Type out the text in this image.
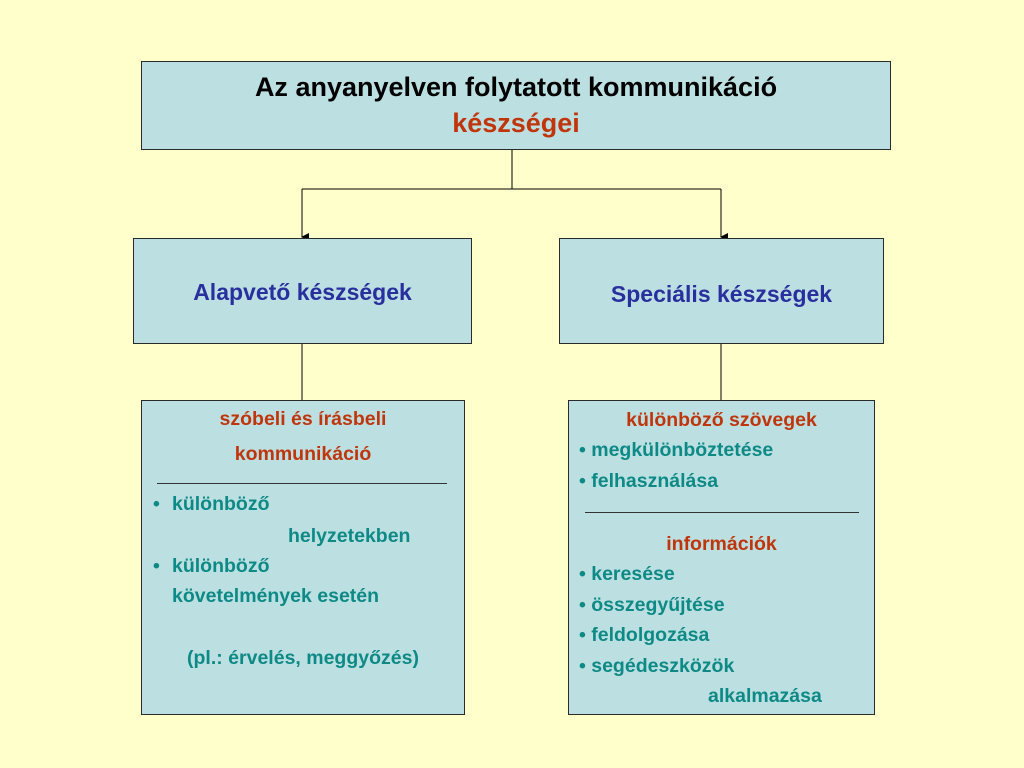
Az anyanyelven folytatott kommunikáció
készségei
Alapvető készségek	Speciális készségek
szóbeli és írásbeli
kommunikáció
• különböző
helyzetekben
• különböző
követelmények esetén
(pl.: érvelés, meggyőzés)
különböző szövegek
• megkülönböztetése
• felhasználása
információk
• keresése
• összegyűjtése
• feldolgozása
• segédeszközök
alkalmazása
